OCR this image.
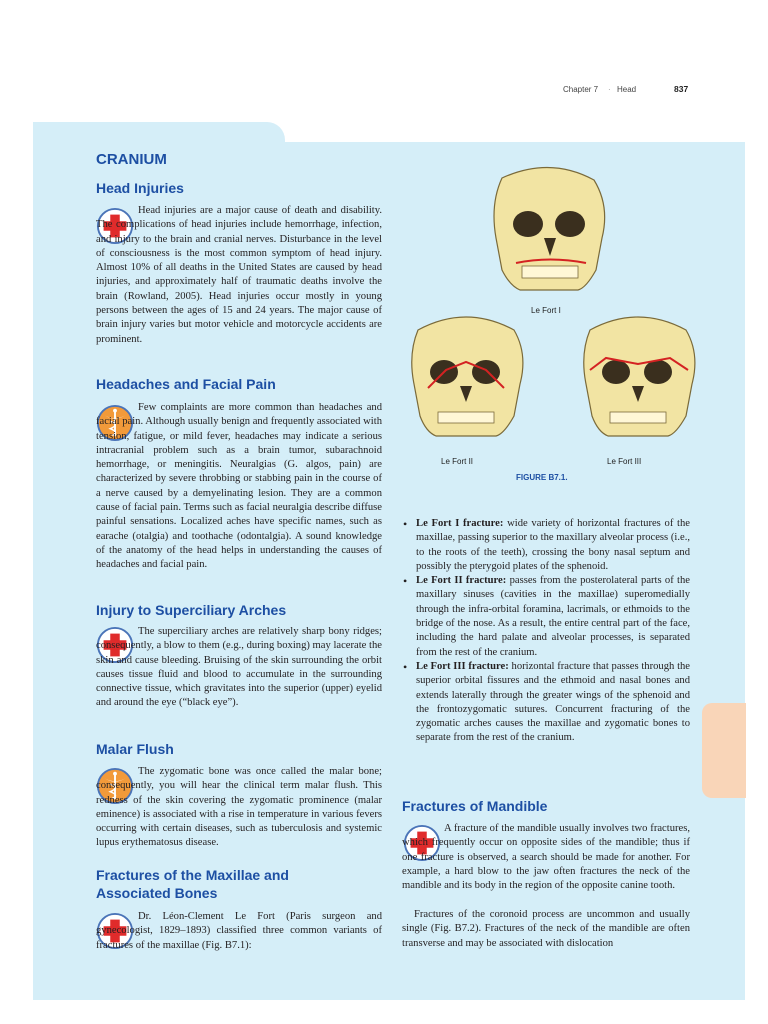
Chapter 7 · Head	837
CRANIUM
Head Injuries
Head injuries are a major cause of death and disability. The complications of head injuries include hemorrhage, infection, and injury to the brain and cranial nerves. Disturbance in the level of consciousness is the most common symptom of head injury. Almost 10% of all deaths in the United States are caused by head injuries, and approximately half of traumatic deaths involve the brain (Rowland, 2005). Head injuries occur mostly in young persons between the ages of 15 and 24 years. The major cause of brain injury varies but motor vehicle and motorcycle accidents are prominent.
Headaches and Facial Pain
Few complaints are more common than headaches and facial pain. Although usually benign and frequently associated with tension, fatigue, or mild fever, headaches may indicate a serious intracranial problem such as a brain tumor, subarachnoid hemorrhage, or meningitis. Neuralgias (G. algos, pain) are characterized by severe throbbing or stabbing pain in the course of a nerve caused by a demyelinating lesion. They are a common cause of facial pain. Terms such as facial neuralgia describe diffuse painful sensations. Localized aches have specific names, such as earache (otalgia) and toothache (odontalgia). A sound knowledge of the anatomy of the head helps in understanding the causes of headaches and facial pain.
Injury to Superciliary Arches
The superciliary arches are relatively sharp bony ridges; consequently, a blow to them (e.g., during boxing) may lacerate the skin and cause bleeding. Bruising of the skin surrounding the orbit causes tissue fluid and blood to accumulate in the surrounding connective tissue, which gravitates into the superior (upper) eyelid and around the eye (“black eye”).
Malar Flush
The zygomatic bone was once called the malar bone; consequently, you will hear the clinical term malar flush. This redness of the skin covering the zygomatic prominence (malar eminence) is associated with a rise in temperature in various fevers occurring with certain diseases, such as tuberculosis and systemic lupus erythematosus disease.
Fractures of the Maxillae and
Associated Bones
Dr. Léon-Clement Le Fort (Paris surgeon and gynecologist, 1829–1893) classified three common variants of fractures of the maxillae (Fig. B7.1):
Le Fort I
Le Fort II	Le Fort III
FIGURE B7.1.
• Le Fort I fracture: wide variety of horizontal fractures of the maxillae, passing superior to the maxillary alveolar process (i.e., to the roots of the teeth), crossing the bony nasal septum and possibly the pterygoid plates of the sphenoid.
• Le Fort II fracture: passes from the posterolateral parts of the maxillary sinuses (cavities in the maxillae) superomedially through the infra-orbital foramina, lacrimals, or ethmoids to the bridge of the nose. As a result, the entire central part of the face, including the hard palate and alveolar processes, is separated from the rest of the cranium.
• Le Fort III fracture: horizontal fracture that passes through the superior orbital fissures and the ethmoid and nasal bones and extends laterally through the greater wings of the sphenoid and the frontozygomatic sutures. Concurrent fracturing of the zygomatic arches causes the maxillae and zygomatic bones to separate from the rest of the cranium.
Fractures of Mandible
A fracture of the mandible usually involves two fractures, which frequently occur on opposite sides of the mandible; thus if one fracture is observed, a search should be made for another. For example, a hard blow to the jaw often fractures the neck of the mandible and its body in the region of the opposite canine tooth.
Fractures of the coronoid process are uncommon and usually single (Fig. B7.2). Fractures of the neck of the mandible are often transverse and may be associated with dislocation
